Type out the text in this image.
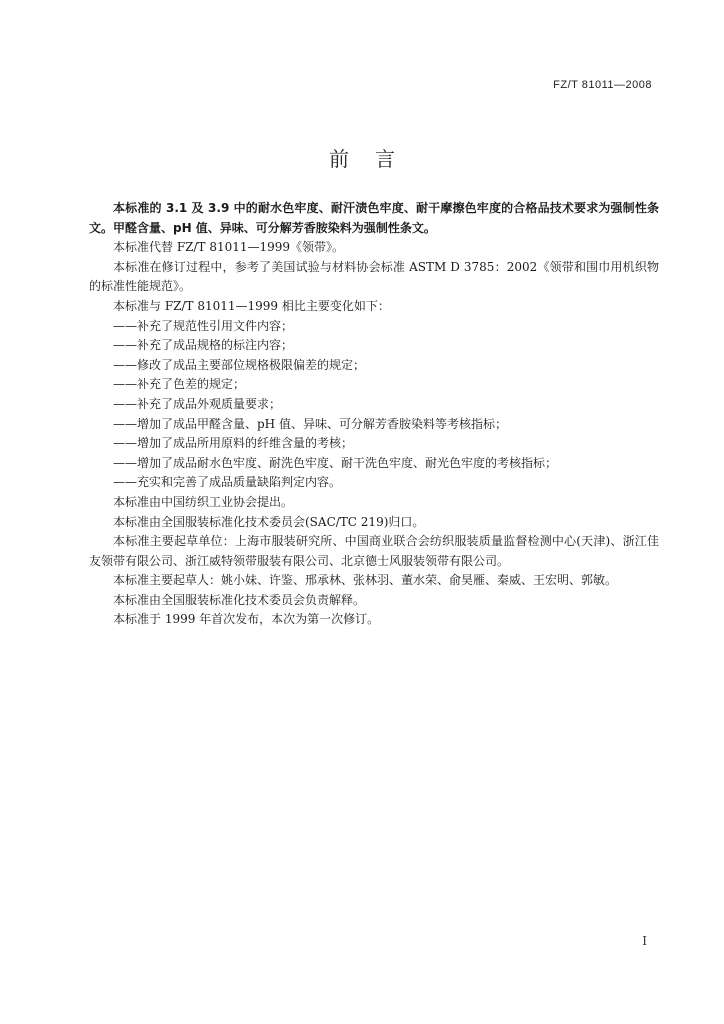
FZ/T 81011—2008
前言

本标准的 3.1 及 3.9 中的耐水色牢度、耐汗渍色牢度、耐干摩擦色牢度的合格品技术要求为强制性条文。甲醛含量、pH 值、异味、可分解芳香胺染料为强制性条文。

本标准代替 FZ/T 81011—1999《领带》。

本标准在修订过程中，参考了美国试验与材料协会标准 ASTM D 3785：2002《领带和围巾用机织物的标准性能规范》。

本标准与 FZ/T 81011—1999 相比主要变化如下：

——补充了规范性引用文件内容；

——补充了成品规格的标注内容；

——修改了成品主要部位规格极限偏差的规定；

——补充了色差的规定；

——补充了成品外观质量要求；

——增加了成品甲醛含量、pH 值、异味、可分解芳香胺染料等考核指标；

——增加了成品所用原料的纤维含量的考核；

——增加了成品耐水色牢度、耐洗色牢度、耐干洗色牢度、耐光色牢度的考核指标；

——充实和完善了成品质量缺陷判定内容。

本标准由中国纺织工业协会提出。

本标准由全国服装标准化技术委员会(SAC/TC 219)归口。

本标准主要起草单位：上海市服装研究所、中国商业联合会纺织服装质量监督检测中心(天津)、浙江佳友领带有限公司、浙江威特领带服装有限公司、北京德士风服装领带有限公司。

本标准主要起草人：姚小妹、许鉴、邢承林、张林羽、董水荣、俞昊雁、秦威、王宏明、郭敏。

本标准由全国服装标准化技术委员会负责解释。

本标准于 1999 年首次发布，本次为第一次修订。

I
